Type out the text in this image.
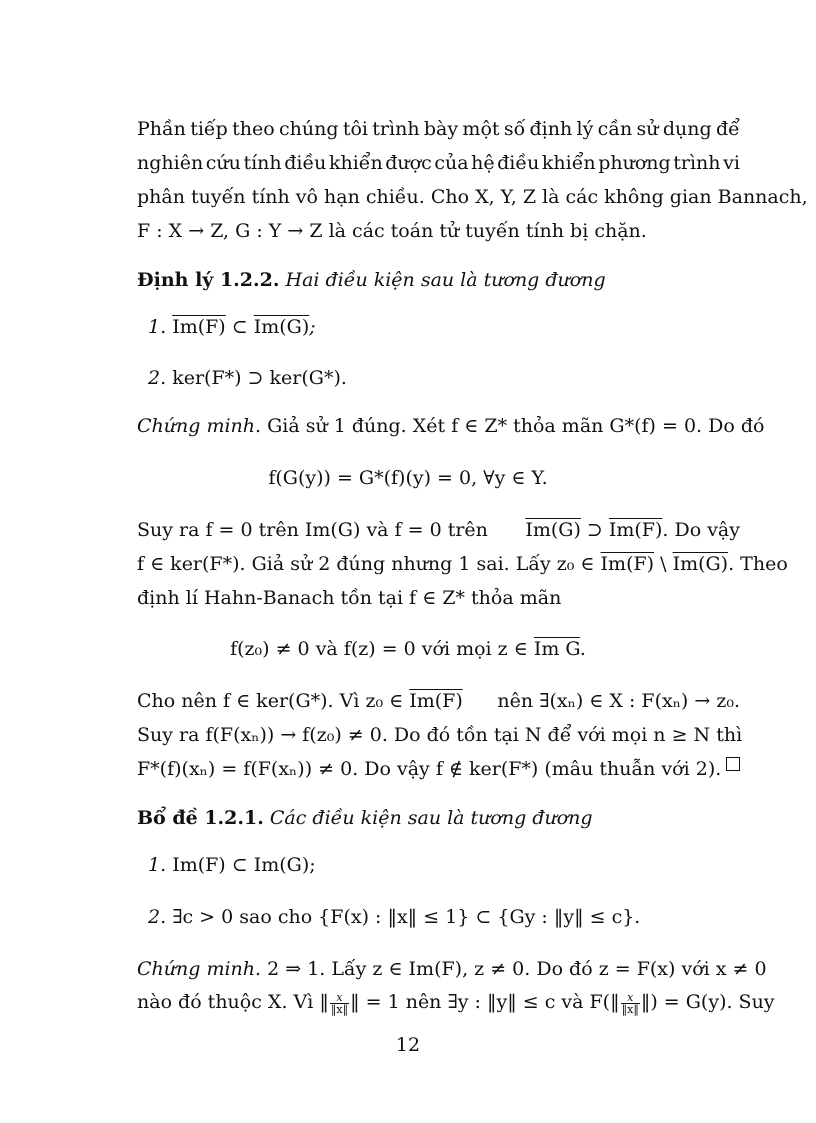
Phần tiếp theo chúng tôi trình bày một số định lý cần sử dụng để
nghiên cứu tính điều khiển được của hệ điều khiển phương trình vi
phân tuyến tính vô hạn chiều. Cho X, Y, Z là các không gian Bannach,
F : X → Z, G : Y → Z là các toán tử tuyến tính bị chặn.
Định lý 1.2.2. Hai điều kiện sau là tương đương
1. Im(F) ⊂ Im(G);
2. ker(F*) ⊃ ker(G*).
Chứng minh. Giả sử 1 đúng. Xét f ∈ Z* thỏa mãn G*(f) = 0. Do đó
f(G(y)) = G*(f)(y) = 0, ∀y ∈ Y.
Suy ra f = 0 trên Im(G) và f = 0 trên Im(G) ⊃ Im(F). Do vậy
f ∈ ker(F*). Giả sử 2 đúng nhưng 1 sai. Lấy z₀ ∈ Im(F) \ Im(G). Theo
định lí Hahn-Banach tồn tại f ∈ Z* thỏa mãn
f(z₀) ≠ 0 và f(z) = 0 với mọi z ∈ Im G.
Cho nên f ∈ ker(G*). Vì z₀ ∈ Im(F) nên ∃(xₙ) ∈ X : F(xₙ) → z₀.
Suy ra f(F(xₙ)) → f(z₀) ≠ 0. Do đó tồn tại N để với mọi n ≥ N thì
F*(f)(xₙ) = f(F(xₙ)) ≠ 0. Do vậy f ∉ ker(F*) (mâu thuẫn với 2).
Bổ đề 1.2.1. Các điều kiện sau là tương đương
1. Im(F) ⊂ Im(G);
2. ∃c > 0 sao cho {F(x) : ‖x‖ ≤ 1} ⊂ {Gy : ‖y‖ ≤ c}.
Chứng minh. 2 ⇒ 1. Lấy z ∈ Im(F), z ≠ 0. Do đó z = F(x) với x ≠ 0
nào đó thuộc X. Vì ‖ $\frac{x}{‖x‖}$ ‖ = 1 nên ∃y : ‖y‖ ≤ c và F(‖ $\frac{x}{‖x‖}$ ‖) = G(y). Suy
12
